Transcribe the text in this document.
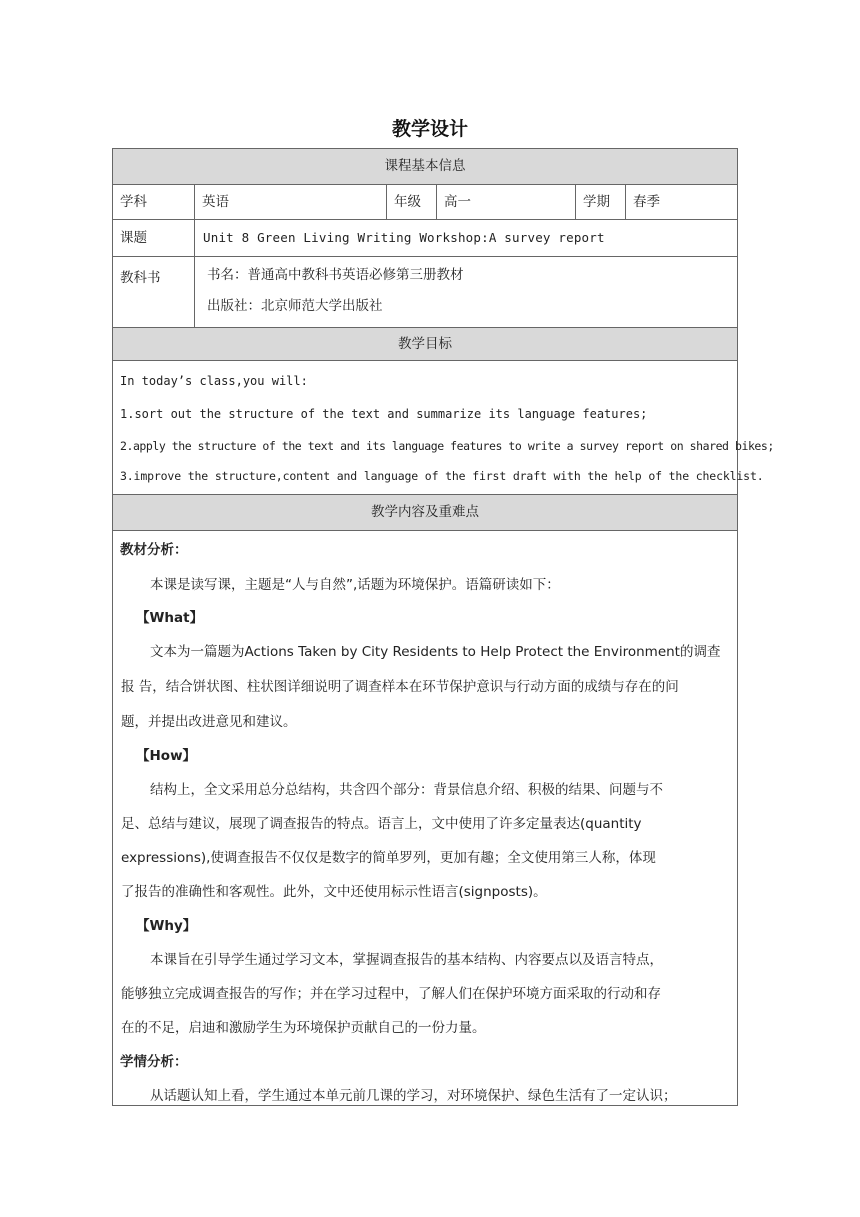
教学设计
课程基本信息
学科	英语	年级	高一	学期	春季
课题	Unit 8 Green Living Writing Workshop:A survey report
教科书	书名：普通高中教科书英语必修第三册教材
出版社：北京师范大学出版社
教学目标
In today’s class,you will:
1.sort out the structure of the text and summarize its language features;
2.apply the structure of the text and its language features to write a survey report on shared bikes;
3.improve the structure,content and language of the first draft with the help of the checklist.
教学内容及重难点
教材分析：
本课是读写课，主题是“人与自然”,话题为环境保护。语篇研读如下：
【What】
文本为一篇题为Actions Taken by City Residents to Help Protect the Environment的调查
报 告，结合饼状图、柱状图详细说明了调查样本在环节保护意识与行动方面的成绩与存在的问
题，并提出改进意见和建议。
【How】
结构上，全文采用总分总结构，共含四个部分：背景信息介绍、积极的结果、问题与不
足、总结与建议，展现了调查报告的特点。语言上，文中使用了许多定量表达(quantity
expressions),使调查报告不仅仅是数字的简单罗列，更加有趣；全文使用第三人称，体现
了报告的准确性和客观性。此外，文中还使用标示性语言(signposts)。
【Why】
本课旨在引导学生通过学习文本，掌握调查报告的基本结构、内容要点以及语言特点，
能够独立完成调查报告的写作；并在学习过程中，了解人们在保护环境方面采取的行动和存
在的不足，启迪和激励学生为环境保护贡献自己的一份力量。
学情分析：
从话题认知上看，学生通过本单元前几课的学习，对环境保护、绿色生活有了一定认识；
